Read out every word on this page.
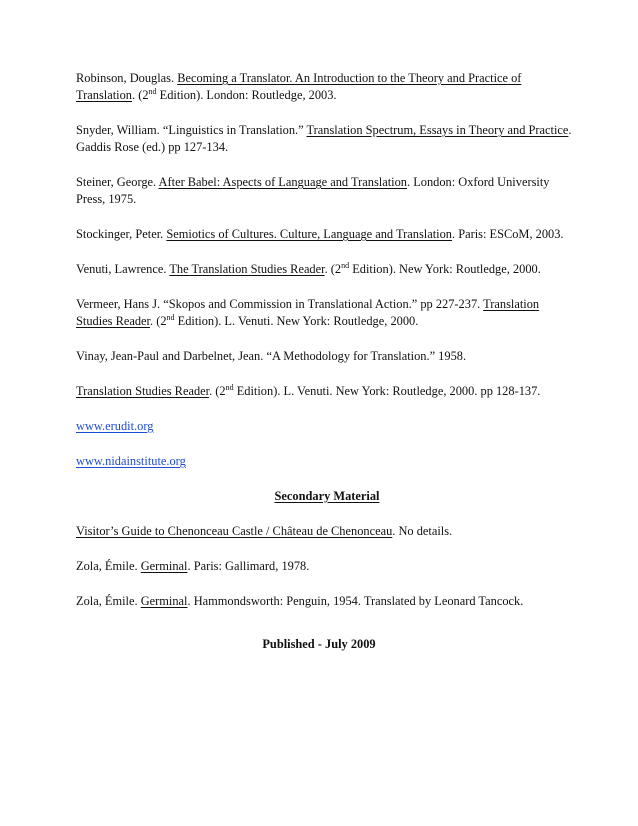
Robinson, Douglas. Becoming a Translator. An Introduction to the Theory and Practice of Translation. (2nd Edition). London: Routledge, 2003.

Snyder, William. “Linguistics in Translation.” Translation Spectrum, Essays in Theory and Practice. Gaddis Rose (ed.) pp 127-134.

Steiner, George. After Babel: Aspects of Language and Translation. London: Oxford University Press, 1975.

Stockinger, Peter. Semiotics of Cultures. Culture, Language and Translation. Paris: ESCoM, 2003.

Venuti, Lawrence. The Translation Studies Reader. (2nd Edition). New York: Routledge, 2000.

Vermeer, Hans J. “Skopos and Commission in Translational Action.” pp 227-237. Translation Studies Reader. (2nd Edition). L. Venuti. New York: Routledge, 2000.

Vinay, Jean-Paul and Darbelnet, Jean. “A Methodology for Translation.” 1958.

Translation Studies Reader. (2nd Edition). L. Venuti. New York: Routledge, 2000. pp 128-137.

www.erudit.org

www.nidainstitute.org

Secondary Material

Visitor’s Guide to Chenonceau Castle / Château de Chenonceau. No details.

Zola, Émile. Germinal. Paris: Gallimard, 1978.

Zola, Émile. Germinal. Hammondsworth: Penguin, 1954. Translated by Leonard Tancock.

Published - July 2009
